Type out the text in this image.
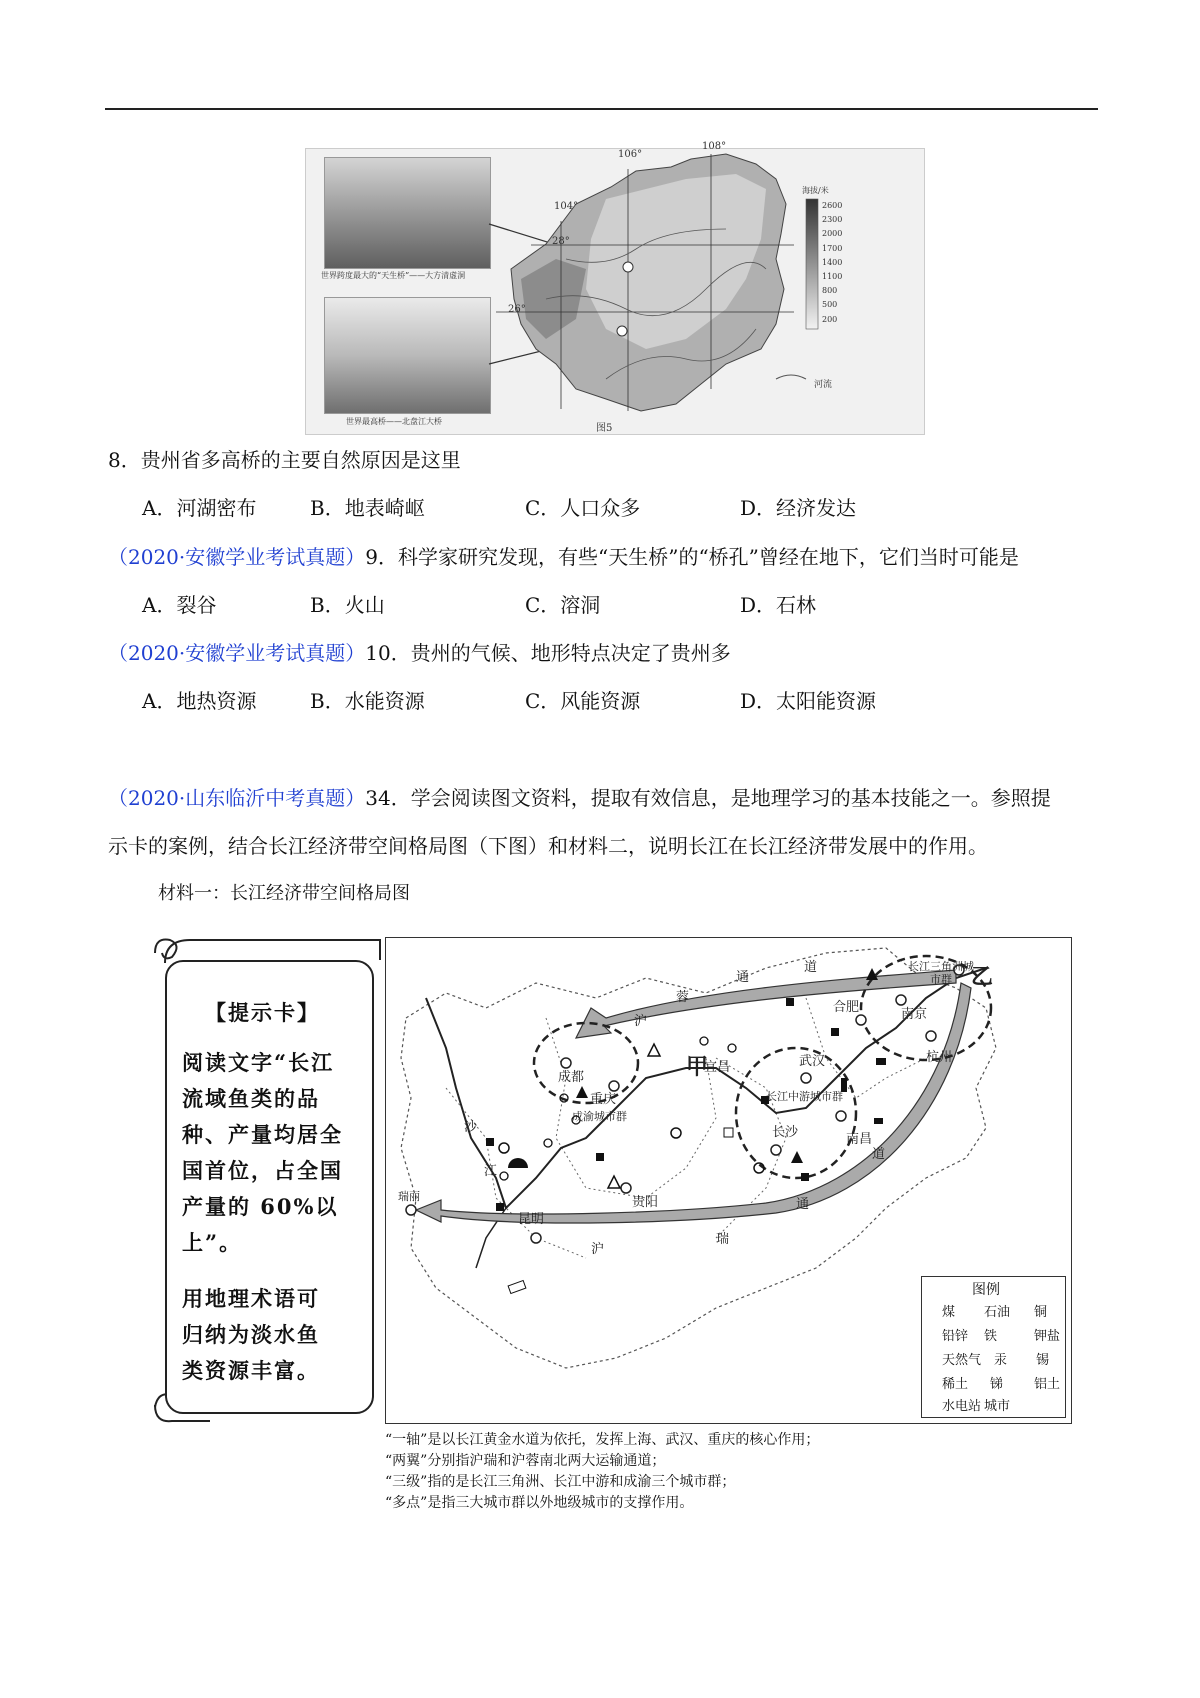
世界跨度最大的“天生桥”——大方清虚洞
世界最高桥——北盘江大桥
104°
106°
108°
28°
26°
海拔/米
2600
2300
2000
1700
1400
1100
800
500
200
河流
图5
8．贵州省多高桥的主要自然原因是这里
A．河湖密布	B．地表崎岖	C．人口众多	D．经济发达
（2020·安徽学业考试真题）9．科学家研究发现，有些“天生桥”的“桥孔”曾经在地下，它们当时可能是
A．裂谷	B．火山	C．溶洞	D．石林
（2020·安徽学业考试真题）10．贵州的气候、地形特点决定了贵州多
A．地热资源	B．水能资源	C．风能资源	D．太阳能资源
（2020·山东临沂中考真题）34．学会阅读图文资料，提取有效信息，是地理学习的基本技能之一。参照提
示卡的案例，结合长江经济带空间格局图（下图）和材料二，说明长江在长江经济带发展中的作用。
材料一：长江经济带空间格局图
【提示卡】
阅读文字“长江
流域鱼类的品
种、产量均居全
国首位，占全国
产量的 60%以
上”。
用地理术语可
归纳为淡水鱼
类资源丰富。
成都
重庆
昆明
贵阳
长沙	南昌
武汉
合肥	南京
杭州
宜昌
瑞丽
长江三角洲城市群
长江中游城市群
成渝城市群
甲
乙
沪
蓉
通
道
沪
瑞
通
道
沙
江
图例
煤 石油 铜
铅锌 铁	钾盐
天然气 汞 锡
稀土 锑 铝土
水电站 城市
“一轴”是以长江黄金水道为依托，发挥上海、武汉、重庆的核心作用；
“两翼”分别指沪瑞和沪蓉南北两大运输通道；
“三级”指的是长江三角洲、长江中游和成渝三个城市群；
“多点”是指三大城市群以外地级城市的支撑作用。
